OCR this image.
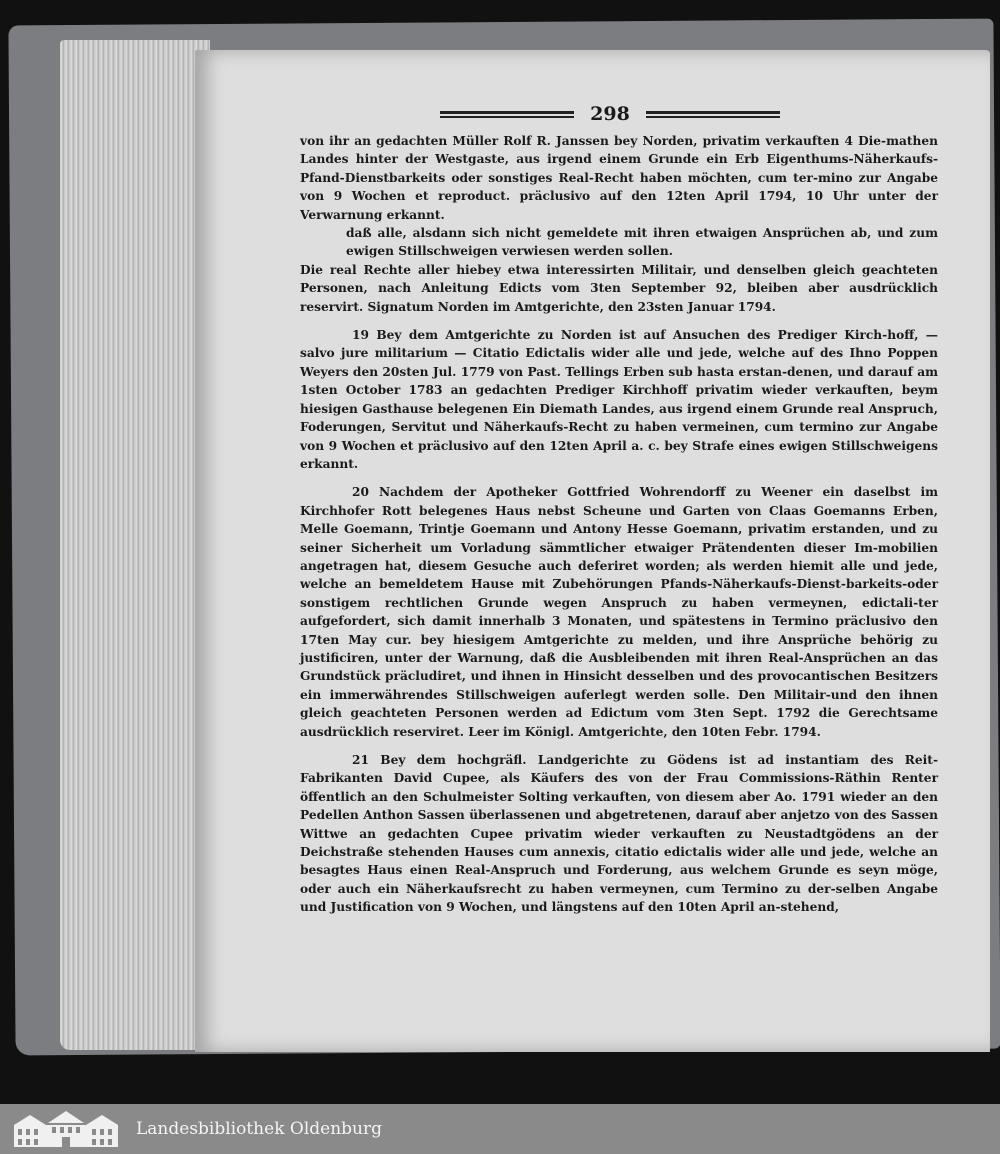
298

von ihr an gedachten Müller Rolf R. Janssen bey Norden, privatim verkauften 4 Die-mathen Landes hinter der Westgaste, aus irgend einem Grunde ein Erb Eigenthums-Näherkaufs-Pfand-Dienstbarkeits oder sonstiges Real-Recht haben möchten, cum ter-mino zur Angabe von 9 Wochen et reproduct. präclusivo auf den 12ten April 1794, 10 Uhr unter der Verwarnung erkannt.

daß alle, alsdann sich nicht gemeldete mit ihren etwaigen Ansprüchen ab, und zum ewigen Stillschweigen verwiesen werden sollen.

Die real Rechte aller hiebey etwa interessirten Militair, und denselben gleich geachteten Personen, nach Anleitung Edicts vom 3ten September 92, bleiben aber ausdrücklich reservirt. Signatum Norden im Amtgerichte, den 23sten Januar 1794.

19 Bey dem Amtgerichte zu Norden ist auf Ansuchen des Prediger Kirch-hoff, — salvo jure militarium — Citatio Edictalis wider alle und jede, welche auf des Ihno Poppen Weyers den 20sten Jul. 1779 von Past. Tellings Erben sub hasta erstan-denen, und darauf am 1sten October 1783 an gedachten Prediger Kirchhoff privatim wieder verkauften, beym hiesigen Gasthause belegenen Ein Diemath Landes, aus irgend einem Grunde real Anspruch, Foderungen, Servitut und Näherkaufs-Recht zu haben vermeinen, cum termino zur Angabe von 9 Wochen et präclusivo auf den 12ten April a. c. bey Strafe eines ewigen Stillschweigens erkannt.

20 Nachdem der Apotheker Gottfried Wohrendorff zu Weener ein daselbst im Kirchhofer Rott belegenes Haus nebst Scheune und Garten von Claas Goemanns Erben, Melle Goemann, Trintje Goemann und Antony Hesse Goemann, privatim erstanden, und zu seiner Sicherheit um Vorladung sämmtlicher etwaiger Prätendenten dieser Im-mobilien angetragen hat, diesem Gesuche auch deferiret worden; als werden hiemit alle und jede, welche an bemeldetem Hause mit Zubehörungen Pfands-Näherkaufs-Dienst-barkeits-oder sonstigem rechtlichen Grunde wegen Anspruch zu haben vermeynen, edictali-ter aufgefordert, sich damit innerhalb 3 Monaten, und spätestens in Termino präclusivo den 17ten May cur. bey hiesigem Amtgerichte zu melden, und ihre Ansprüche behörig zu justificiren, unter der Warnung, daß die Ausbleibenden mit ihren Real-Ansprüchen an das Grundstück präcludiret, und ihnen in Hinsicht desselben und des provocantischen Besitzers ein immerwährendes Stillschweigen auferlegt werden solle. Den Militair-und den ihnen gleich geachteten Personen werden ad Edictum vom 3ten Sept. 1792 die Gerechtsame ausdrücklich reserviret. Leer im Königl. Amtgerichte, den 10ten Febr. 1794.

21 Bey dem hochgräfl. Landgerichte zu Gödens ist ad instantiam des Reit-Fabrikanten David Cupee, als Käufers des von der Frau Commissions-Räthin Renter öffentlich an den Schulmeister Solting verkauften, von diesem aber Ao. 1791 wieder an den Pedellen Anthon Sassen überlassenen und abgetretenen, darauf aber anjetzo von des Sassen Wittwe an gedachten Cupee privatim wieder verkauften zu Neustadtgödens an der Deichstraße stehenden Hauses cum annexis, citatio edictalis wider alle und jede, welche an besagtes Haus einen Real-Anspruch und Forderung, aus welchem Grunde es seyn möge, oder auch ein Näherkaufsrecht zu haben vermeynen, cum Termino zu der-selben Angabe und Justification von 9 Wochen, und längstens auf den 10ten April an-stehend,

Landesbibliothek Oldenburg
